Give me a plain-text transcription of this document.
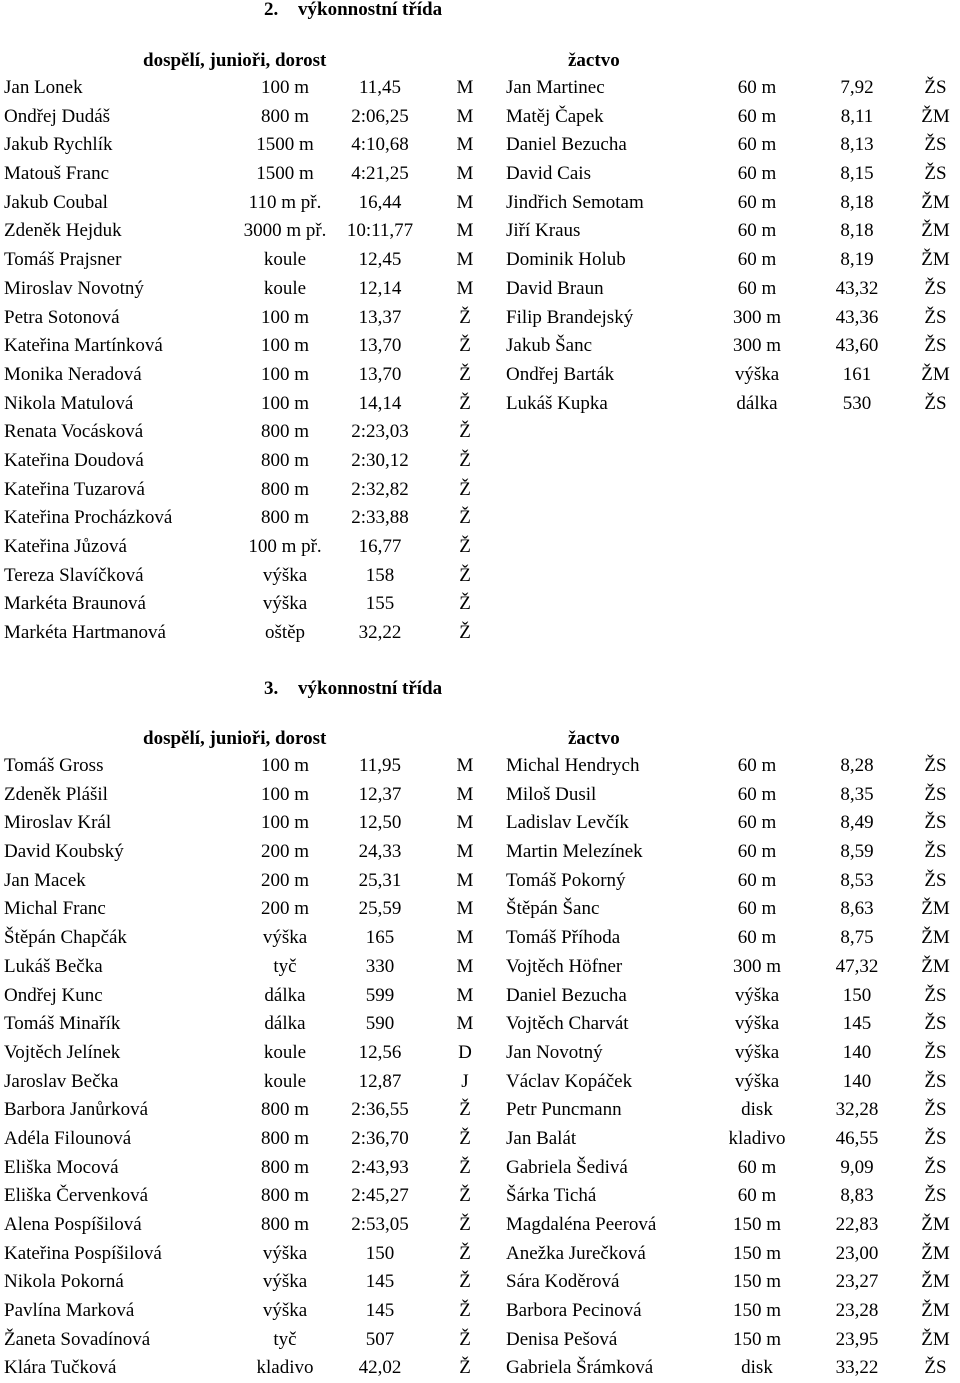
2. výkonnostní třída
dospělí, junioři, dorost	žactvo
Jan Lonek	100 m	11,45	M Jan Martinec	60 m	7,92	ŽS
Ondřej Dudáš	800 m	2:06,25	M Matěj Čapek	60 m	8,11	ŽM
Jakub Rychlík	1500 m	4:10,68	M Daniel Bezucha	60 m	8,13	ŽS
Matouš Franc	1500 m	4:21,25	M David Cais	60 m	8,15	ŽS
Jakub Coubal	110 m př.	16,44	M Jindřich Semotam	60 m	8,18	ŽM
Zdeněk Hejduk	3000 m př.	10:11,77	M Jiří Kraus	60 m	8,18	ŽM
Tomáš Prajsner	koule	12,45	M Dominik Holub	60 m	8,19	ŽM
Miroslav Novotný	koule	12,14	M David Braun	60 m	43,32	ŽS
Petra Sotonová	100 m	13,37	Ž Filip Brandejský	300 m	43,36	ŽS
Kateřina Martínková	100 m	13,70	Ž Jakub Šanc	300 m	43,60	ŽS
Monika Neradová	100 m	13,70	Ž Ondřej Barták	výška	161	ŽM
Nikola Matulová	100 m	14,14	Ž Lukáš Kupka	dálka	530	ŽS
Renata Vocásková	800 m	2:23,03	Ž
Kateřina Doudová	800 m	2:30,12	Ž
Kateřina Tuzarová	800 m	2:32,82	Ž
Kateřina Procházková	800 m	2:33,88	Ž
Kateřina Jůzová	100 m př.	16,77	Ž
Tereza Slavíčková	výška	158	Ž
Markéta Braunová	výška	155	Ž
Markéta Hartmanová	oštěp	32,22	Ž
3. výkonnostní třída
dospělí, junioři, dorost	žactvo
Tomáš Gross	100 m	11,95	M Michal Hendrych	60 m	8,28	ŽS
Zdeněk Plášil	100 m	12,37	M Miloš Dusil	60 m	8,35	ŽS
Miroslav Král	100 m	12,50	M Ladislav Levčík	60 m	8,49	ŽS
David Koubský	200 m	24,33	M Martin Melezínek	60 m	8,59	ŽS
Jan Macek	200 m	25,31	M Tomáš Pokorný	60 m	8,53	ŽS
Michal Franc	200 m	25,59	M Štěpán Šanc	60 m	8,63	ŽM
Štěpán Chapčák	výška	165	M Tomáš Příhoda	60 m	8,75	ŽM
Lukáš Bečka	tyč	330	M Vojtěch Höfner	300 m	47,32	ŽM
Ondřej Kunc	dálka	599	M Daniel Bezucha	výška	150	ŽS
Tomáš Minařík	dálka	590	M Vojtěch Charvát	výška	145	ŽS
Vojtěch Jelínek	koule	12,56	D Jan Novotný	výška	140	ŽS
Jaroslav Bečka	koule	12,87	J	Václav Kopáček	výška	140	ŽS
Barbora Janůrková	800 m	2:36,55	Ž Petr Puncmann	disk	32,28	ŽS
Adéla Filounová	800 m	2:36,70	Ž Jan Balát	kladivo	46,55	ŽS
Eliška Mocová	800 m	2:43,93	Ž Gabriela Šedivá	60 m	9,09	ŽS
Eliška Červenková	800 m	2:45,27	Ž Šárka Tichá	60 m	8,83	ŽS
Alena Pospíšilová	800 m	2:53,05	Ž Magdaléna Peerová	150 m	22,83	ŽM
Kateřina Pospíšilová	výška	150	Ž Anežka Jurečková	150 m	23,00	ŽM
Nikola Pokorná	výška	145	Ž Sára Koděrová	150 m	23,27	ŽM
Pavlína Marková	výška	145	Ž Barbora Pecinová	150 m	23,28	ŽM
Žaneta Sovadínová	tyč	507	Ž Denisa Pešová	150 m	23,95	ŽM
Klára Tučková	kladivo	42,02	Ž Gabriela Šrámková	disk	33,22	ŽS
